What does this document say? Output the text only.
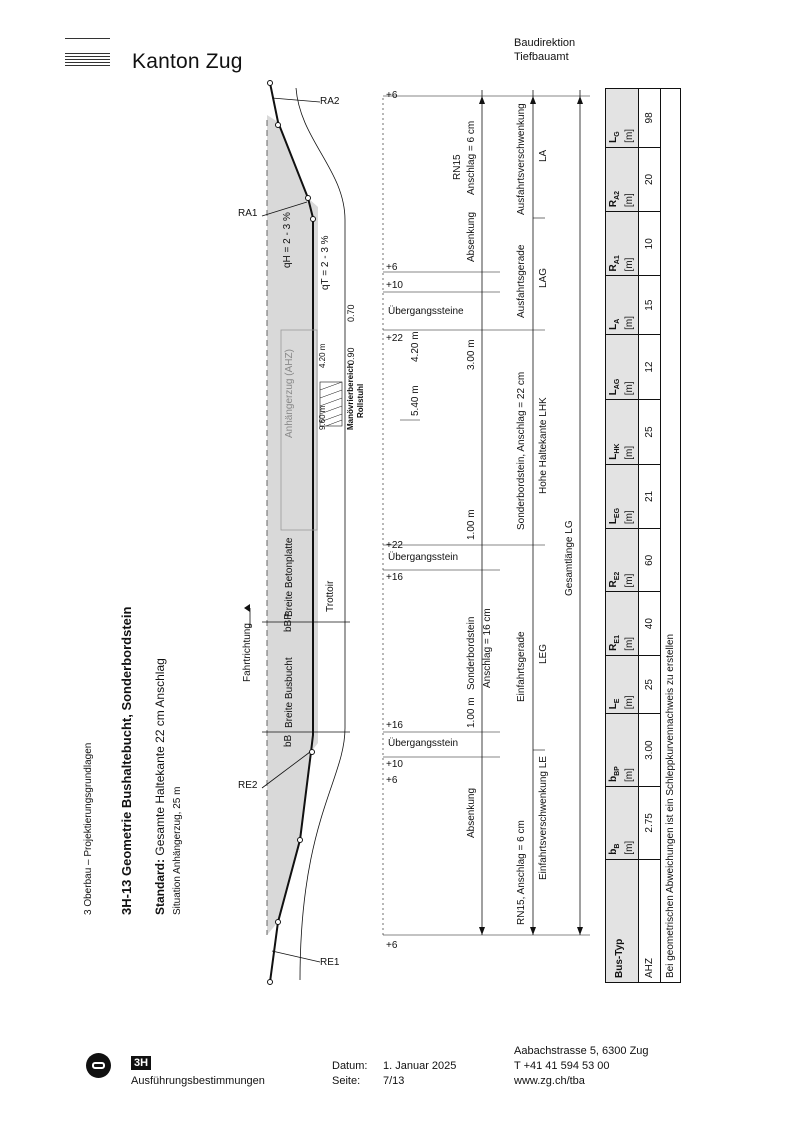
Kanton Zug
Baudirektion
Tiefbauamt
3 Oberbau – Projektierungsgrundlagen 3H-13 Geometrie Bushaltebucht, Sonderbordstein Standard: Gesamte Haltekante 22 cm Anschlag Situation Anhängerzug, 25 m
Fahrtrichtung
Breite Busbucht
Breite Betonplatte	Trottoir
Anhängerzug (AHZ)	Manövrierbereich Rollstuhl
qH = 2 - 3 %	qT = 2 - 3 %
bB
bBP
RA1
RA2
RE2
RE1
0.70
0.90
4.20 m
9.60 m
4.20 m
5.40 m
3.00 m
1.00 m
1.00 m
+6
+6
+10
+22
+22
+16
+16
+10
+6
+6
Übergangssteine
Übergangsstein
Übergangsstein
RN15 Anschlag = 6 cm
Absenkung
Absenkung
Sonderbordstein, Anschlag = 22 cm
Sonderbordstein Anschlag = 16 cm
RN15, Anschlag = 6 cm
Ausfahrtsverschwenkung
Ausfahrtsgerade
Hohe Haltekante LHK
Einfahrtsgerade
Einfahrtsverschwenkung LE
LA
LAG
LEG
Gesamtlänge LG
Bus-Typ	$b_B$ [m]	$b_{BP}$ [m]	$L_E$ [m]	$R_{E1}$ [m]	$R_{E2}$ [m]	$L_{EG}$ [m]	$L_{HK}$ [m]	$L_{AG}$ [m]	$L_A$ [m]	$R_{A1}$ [m]	$R_{A2}$ [m]	$L_G$ [m]
AHZ	2.75	3.00	25	40	60	21	25	12	15	10	20	98
Bei geometrischen Abweichungen ist ein Schleppkurvennachweis zu erstellen												
3H
Ausführungsbestimmungen
Datum: 1. Januar 2025
Seite: 7/13
Aabachstrasse 5, 6300 Zug
T +41 41 594 53 00
www.zg.ch/tba
